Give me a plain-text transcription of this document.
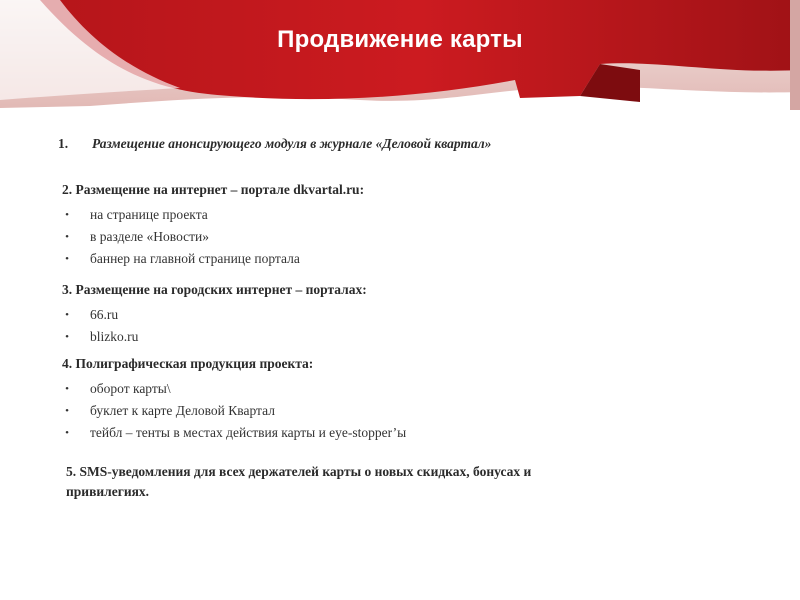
Продвижение карты
1. Размещение анонсирующего модуля в журнале «Деловой квартал»

2. Размещение на интернет – портале dkvartal.ru:

• на странице проекта
• в разделе «Новости»
• баннер на главной странице портала

3. Размещение на городских интернет – порталах:

• 66.ru
• blizko.ru

4. Полиграфическая продукция проекта:

• оборот карты\
• буклет к карте Деловой Квартал
• тейбл – тенты в местах действия карты и eye-stopper’ы
5. SMS-уведомления для всех держателей карты о новых скидках, бонусах и привилегиях.
